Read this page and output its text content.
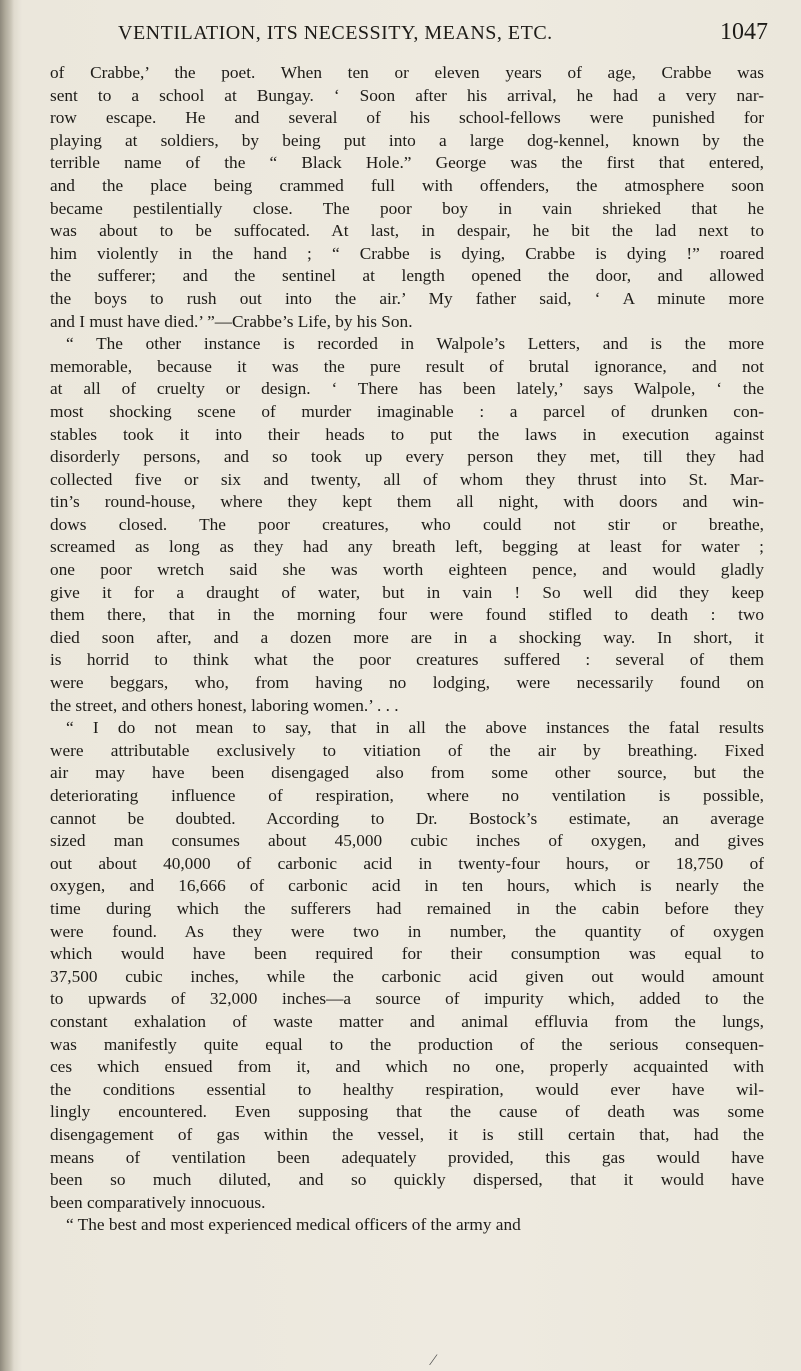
VENTILATION, ITS NECESSITY, MEANS, ETC.	1047
of Crabbe,’ the poet. When ten or eleven years of age, Crabbe was
sent to a school at Bungay. ‘ Soon after his arrival, he had a very nar-
row escape. He and several of his school-fellows were punished for
playing at soldiers, by being put into a large dog-kennel, known by the
terrible name of the “ Black Hole.” George was the first that entered,
and the place being crammed full with offenders, the atmosphere soon
became pestilentially close. The poor boy in vain shrieked that he
was about to be suffocated. At last, in despair, he bit the lad next to
him violently in the hand ; “ Crabbe is dying, Crabbe is dying !” roared
the sufferer; and the sentinel at length opened the door, and allowed
the boys to rush out into the air.’ My father said, ‘ A minute more
and I must have died.’ ”—Crabbe’s Life, by his Son.
“ The other instance is recorded in Walpole’s Letters, and is the more
memorable, because it was the pure result of brutal ignorance, and not
at all of cruelty or design. ‘ There has been lately,’ says Walpole, ‘ the
most shocking scene of murder imaginable : a parcel of drunken con-
stables took it into their heads to put the laws in execution against
disorderly persons, and so took up every person they met, till they had
collected five or six and twenty, all of whom they thrust into St. Mar-
tin’s round-house, where they kept them all night, with doors and win-
dows closed. The poor creatures, who could not stir or breathe,
screamed as long as they had any breath left, begging at least for water ;
one poor wretch said she was worth eighteen pence, and would gladly
give it for a draught of water, but in vain ! So well did they keep
them there, that in the morning four were found stifled to death : two
died soon after, and a dozen more are in a shocking way. In short, it
is horrid to think what the poor creatures suffered : several of them
were beggars, who, from having no lodging, were necessarily found on
the street, and others honest, laboring women.’ . . .
“ I do not mean to say, that in all the above instances the fatal results
were attributable exclusively to vitiation of the air by breathing. Fixed
air may have been disengaged also from some other source, but the
deteriorating influence of respiration, where no ventilation is possible,
cannot be doubted. According to Dr. Bostock’s estimate, an average
sized man consumes about 45,000 cubic inches of oxygen, and gives
out about 40,000 of carbonic acid in twenty-four hours, or 18,750 of
oxygen, and 16,666 of carbonic acid in ten hours, which is nearly the
time during which the sufferers had remained in the cabin before they
were found. As they were two in number, the quantity of oxygen
which would have been required for their consumption was equal to
37,500 cubic inches, while the carbonic acid given out would amount
to upwards of 32,000 inches—a source of impurity which, added to the
constant exhalation of waste matter and animal effluvia from the lungs,
was manifestly quite equal to the production of the serious consequen-
ces which ensued from it, and which no one, properly acquainted with
the conditions essential to healthy respiration, would ever have wil-
lingly encountered. Even supposing that the cause of death was some
disengagement of gas within the vessel, it is still certain that, had the
means of ventilation been adequately provided, this gas would have
been so much diluted, and so quickly dispersed, that it would have
been comparatively innocuous.
“ The best and most experienced medical officers of the army and
⁄
